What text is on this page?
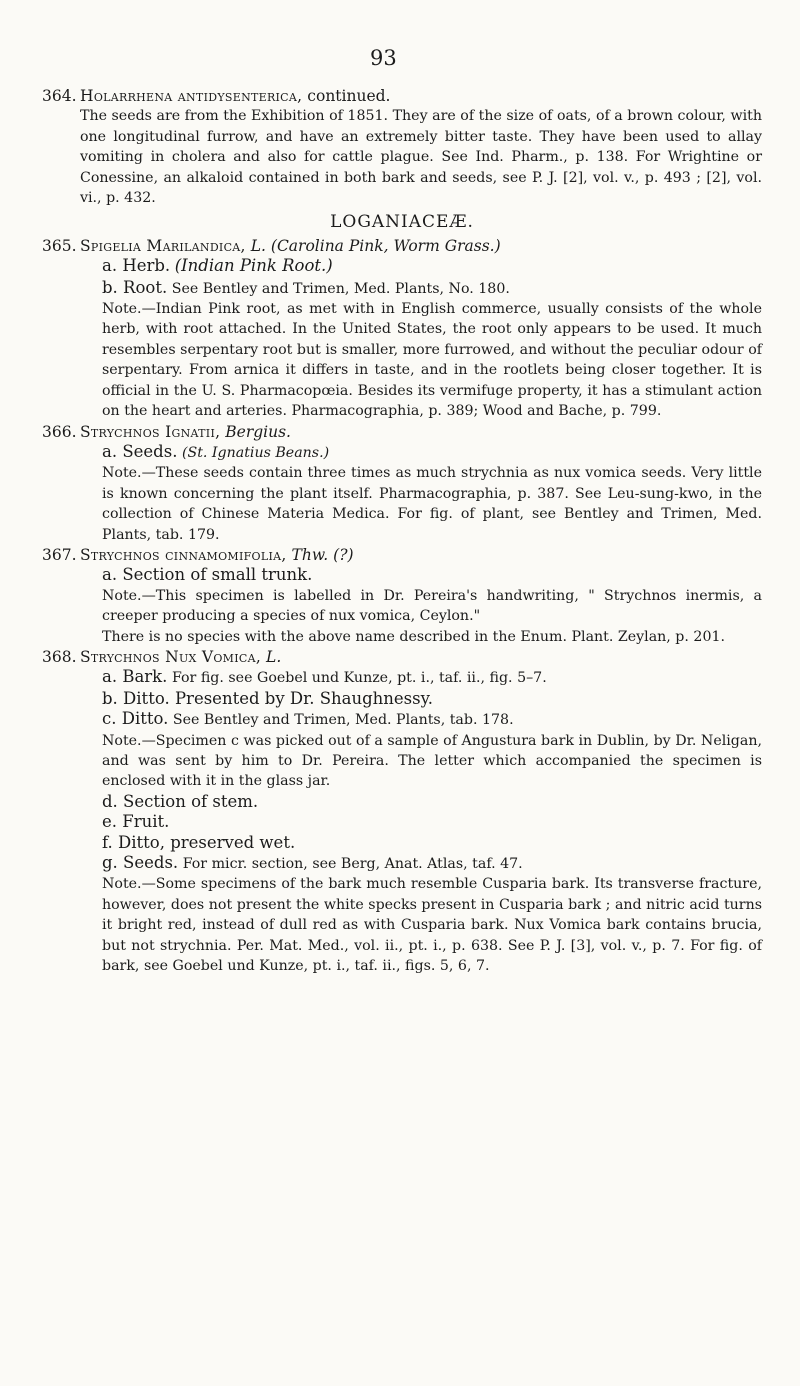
93
364. Holarrhena antidysenterica, continued.

The seeds are from the Exhibition of 1851. They are of the size of oats, of a brown colour, with one longitudinal furrow, and have an extremely bitter taste. They have been used to allay vomiting in cholera and also for cattle plague. See Ind. Pharm., p. 138. For Wrightine or Conessine, an alkaloid contained in both bark and seeds, see P. J. [2], vol. v., p. 493 ; [2], vol. vi., p. 432.

LOGANIACEÆ.
365. Spigelia Marilandica, L. (Carolina Pink, Worm Grass.)
a. Herb. (Indian Pink Root.)
b. Root. See Bentley and Trimen, Med. Plants, No. 180.

Note.—Indian Pink root, as met with in English commerce, usually consists of the whole herb, with root attached. In the United States, the root only appears to be used. It much resembles serpentary root but is smaller, more furrowed, and without the peculiar odour of serpentary. From arnica it differs in taste, and in the rootlets being closer together. It is official in the U. S. Pharmacopœia. Besides its vermifuge property, it has a stimulant action on the heart and arteries. Pharmacographia, p. 389; Wood and Bache, p. 799.

366. Strychnos Ignatii, Bergius.
a. Seeds. (St. Ignatius Beans.)

Note.—These seeds contain three times as much strychnia as nux vomica seeds. Very little is known concerning the plant itself. Pharmacographia, p. 387. See Leu-sung-kwo, in the collection of Chinese Materia Medica. For fig. of plant, see Bentley and Trimen, Med. Plants, tab. 179.

367. Strychnos cinnamomifolia, Thw. (?)
a. Section of small trunk.

Note.—This specimen is labelled in Dr. Pereira's handwriting, " Strychnos inermis, a creeper producing a species of nux vomica, Ceylon."

There is no species with the above name described in the Enum. Plant. Zeylan, p. 201.

368. Strychnos Nux Vomica, L.
a. Bark. For fig. see Goebel und Kunze, pt. i., taf. ii., fig. 5–7.
b. Ditto. Presented by Dr. Shaughnessy.
c. Ditto. See Bentley and Trimen, Med. Plants, tab. 178.

Note.—Specimen c was picked out of a sample of Angustura bark in Dublin, by Dr. Neligan, and was sent by him to Dr. Pereira. The letter which accompanied the specimen is enclosed with it in the glass jar.

d. Section of stem.
e. Fruit.
f. Ditto, preserved wet.
g. Seeds. For micr. section, see Berg, Anat. Atlas, taf. 47.

Note.—Some specimens of the bark much resemble Cusparia bark. Its transverse fracture, however, does not present the white specks present in Cusparia bark ; and nitric acid turns it bright red, instead of dull red as with Cusparia bark. Nux Vomica bark contains brucia, but not strychnia. Per. Mat. Med., vol. ii., pt. i., p. 638. See P. J. [3], vol. v., p. 7. For fig. of bark, see Goebel und Kunze, pt. i., taf. ii., figs. 5, 6, 7.
